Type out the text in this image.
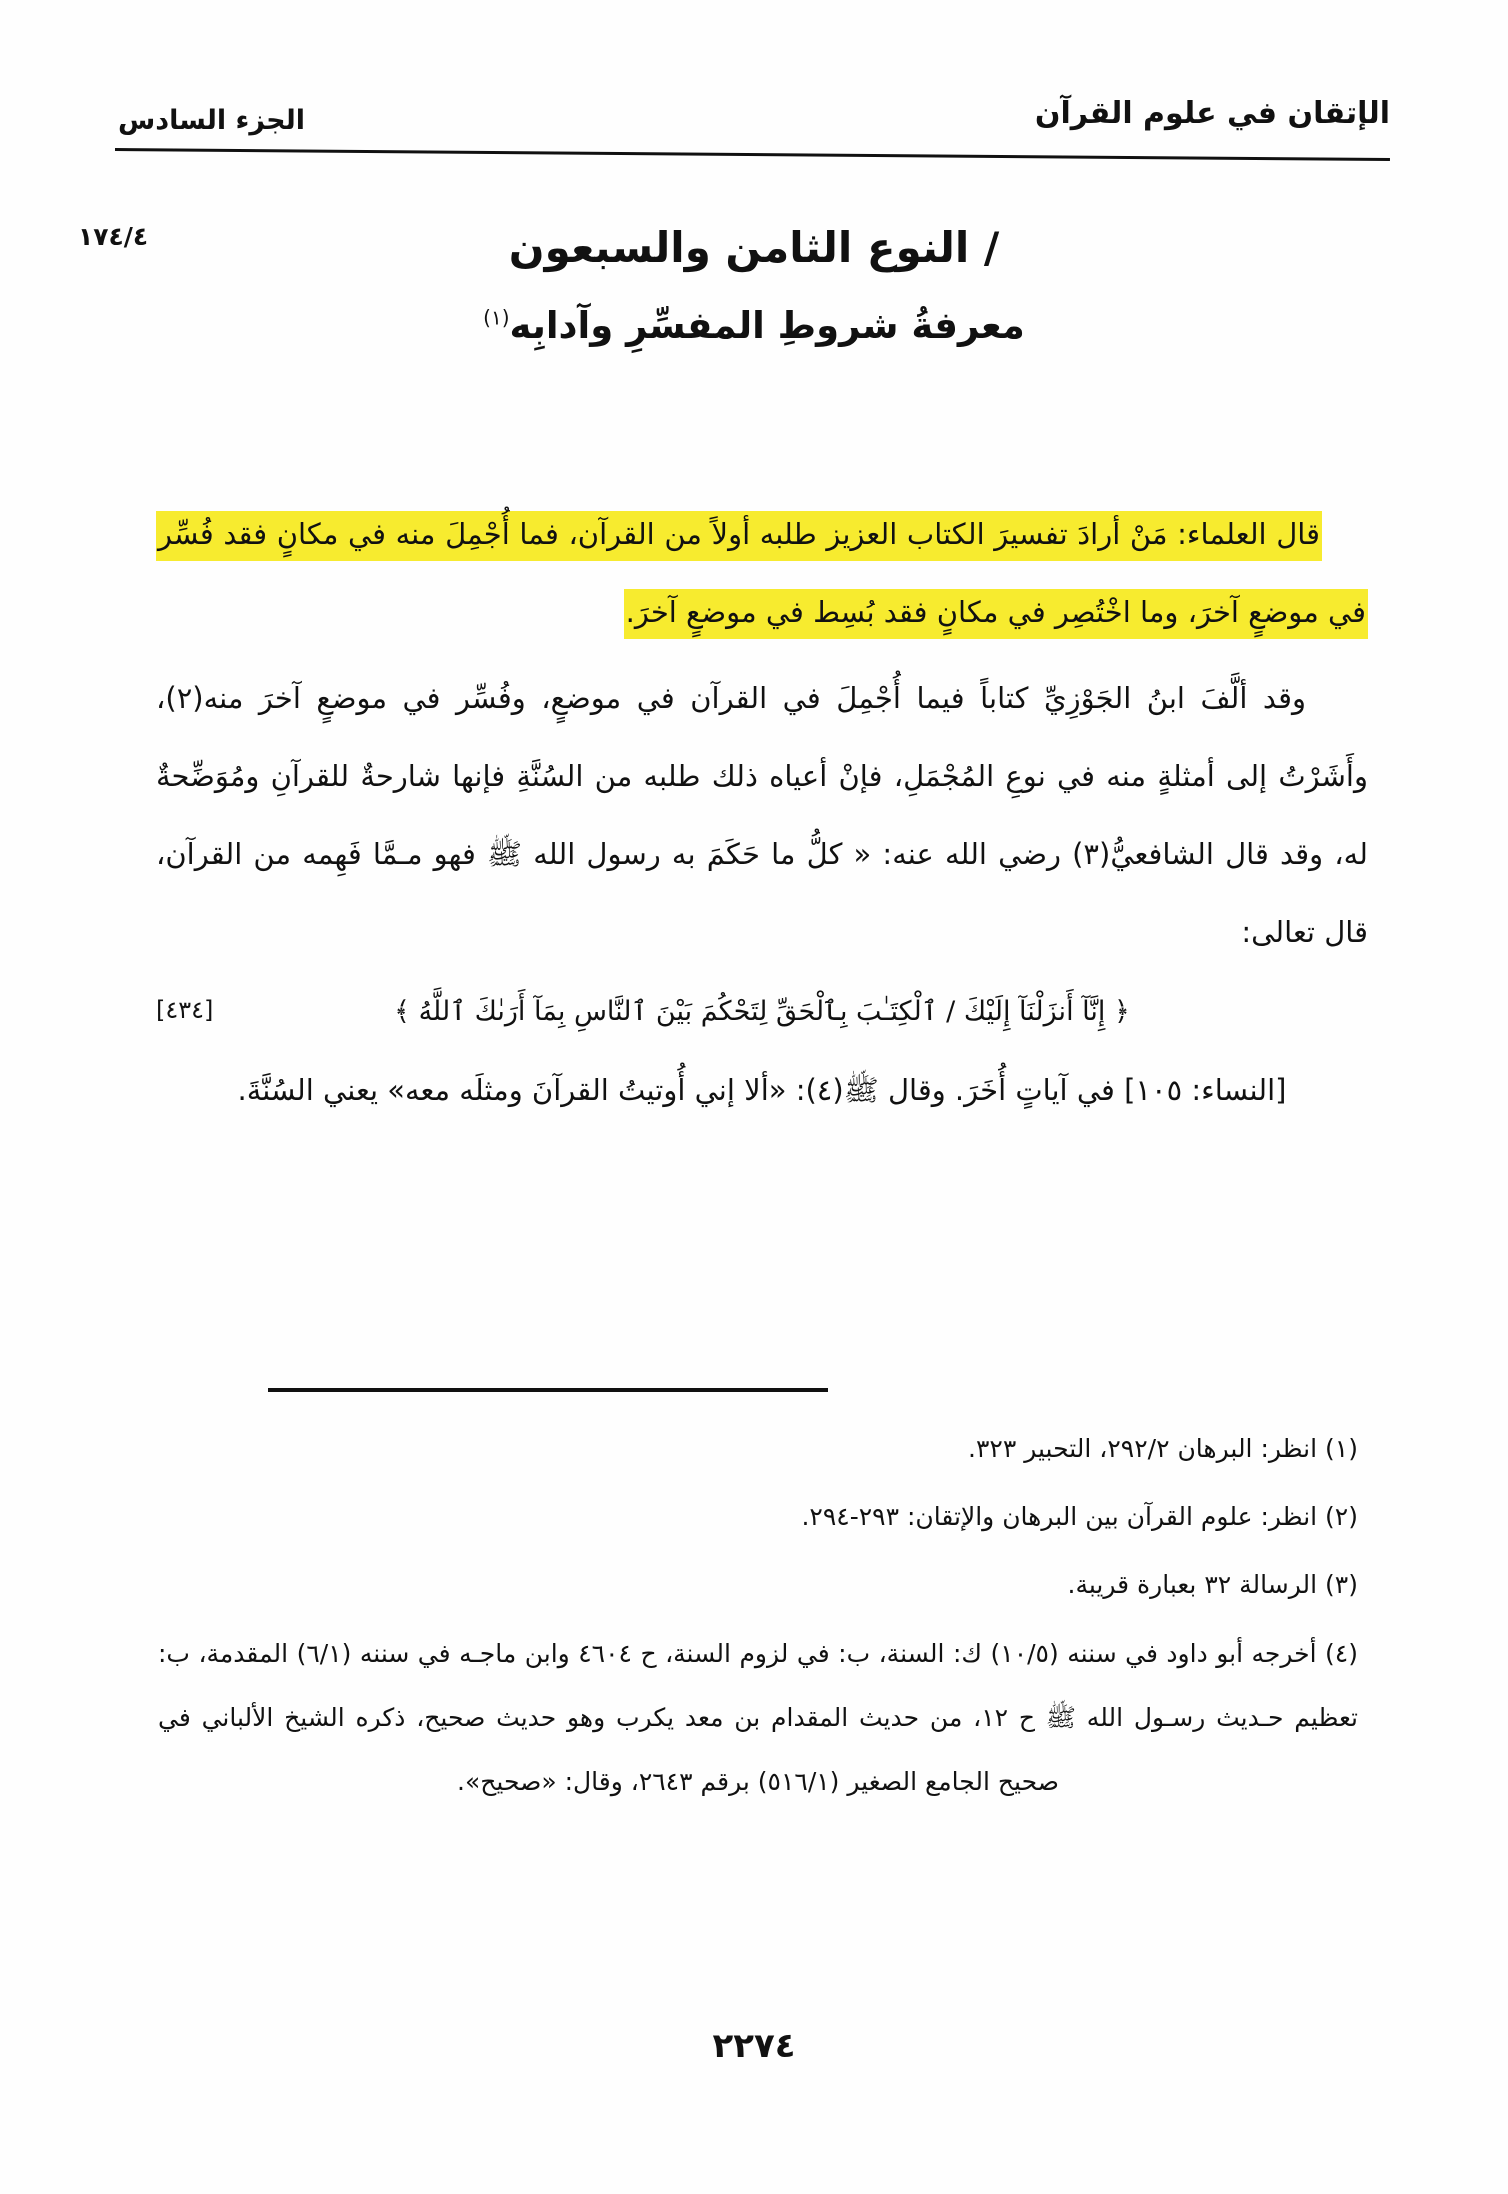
الإتقان في علوم القرآن
الجزء السادس
١٧٤/٤	/ النوع الثامن والسبعون
معرفةُ شروطِ المفسِّرِ وآدابِه$^{(١)}$

قال العلماء: مَنْ أرادَ تفسيرَ الكتاب العزيز طلبه أولاً من القرآن، فما أُجْمِلَ منه في مكانٍ فقد فُسِّر في موضعٍ آخرَ، وما اخْتُصِر في مكانٍ فقد بُسِط في موضعٍ آخرَ.

وقد ألَّفَ ابنُ الجَوْزِيِّ كتاباً فيما أُجْمِلَ في القرآن في موضعٍ، وفُسِّر في موضعٍ آخرَ منه(٢)، وأَشَرْتُ إلى أمثلةٍ منه في نوعِ المُجْمَلِ، فإنْ أعياه ذلك طلبه من السُنَّةِ فإنها شارحةٌ للقرآنِ ومُوَضِّحةٌ له، وقد قال الشافعيُّ(٣) رضي الله عنه: « كلُّ ما حَكَمَ به رسول الله ﷺ فهو مـمَّا فَهِمه من القرآن، قال تعالى:

[٤٣٤]	﴿ إِنَّآ أَنزَلْنَآ إِلَيْكَ / ٱلْكِتَـٰبَ بِٱلْحَقِّ لِتَحْكُمَ بَيْنَ ٱلنَّاسِ بِمَآ أَرَىٰكَ ٱللَّهُ ﴾

[النساء: ١٠٥] في آياتٍ أُخَرَ. وقال ﷺ(٤): «ألا إني أُوتيتُ القرآنَ ومثلَه معه» يعني السُنَّةَ.

(١) انظر: البرهان ٢٩٢/٢، التحبير ٣٢٣.

(٢) انظر: علوم القرآن بين البرهان والإتقان: ٢٩٣-٢٩٤.

(٣) الرسالة ٣٢ بعبارة قريبة.

(٤) أخرجه أبو داود في سننه (١٠/٥) ك: السنة، ب: في لزوم السنة، ح ٤٦٠٤ وابن ماجـه في سننه (٦/١) المقدمة، ب: تعظيم حـديث رسـول الله ﷺ ح ١٢، من حديث المقدام بن معد يكرب وهو حديث صحيح، ذكره الشيخ الألباني في صحيح الجامع الصغير (٥١٦/١) برقم ٢٦٤٣، وقال: «صحيح».

٢٢٧٤
